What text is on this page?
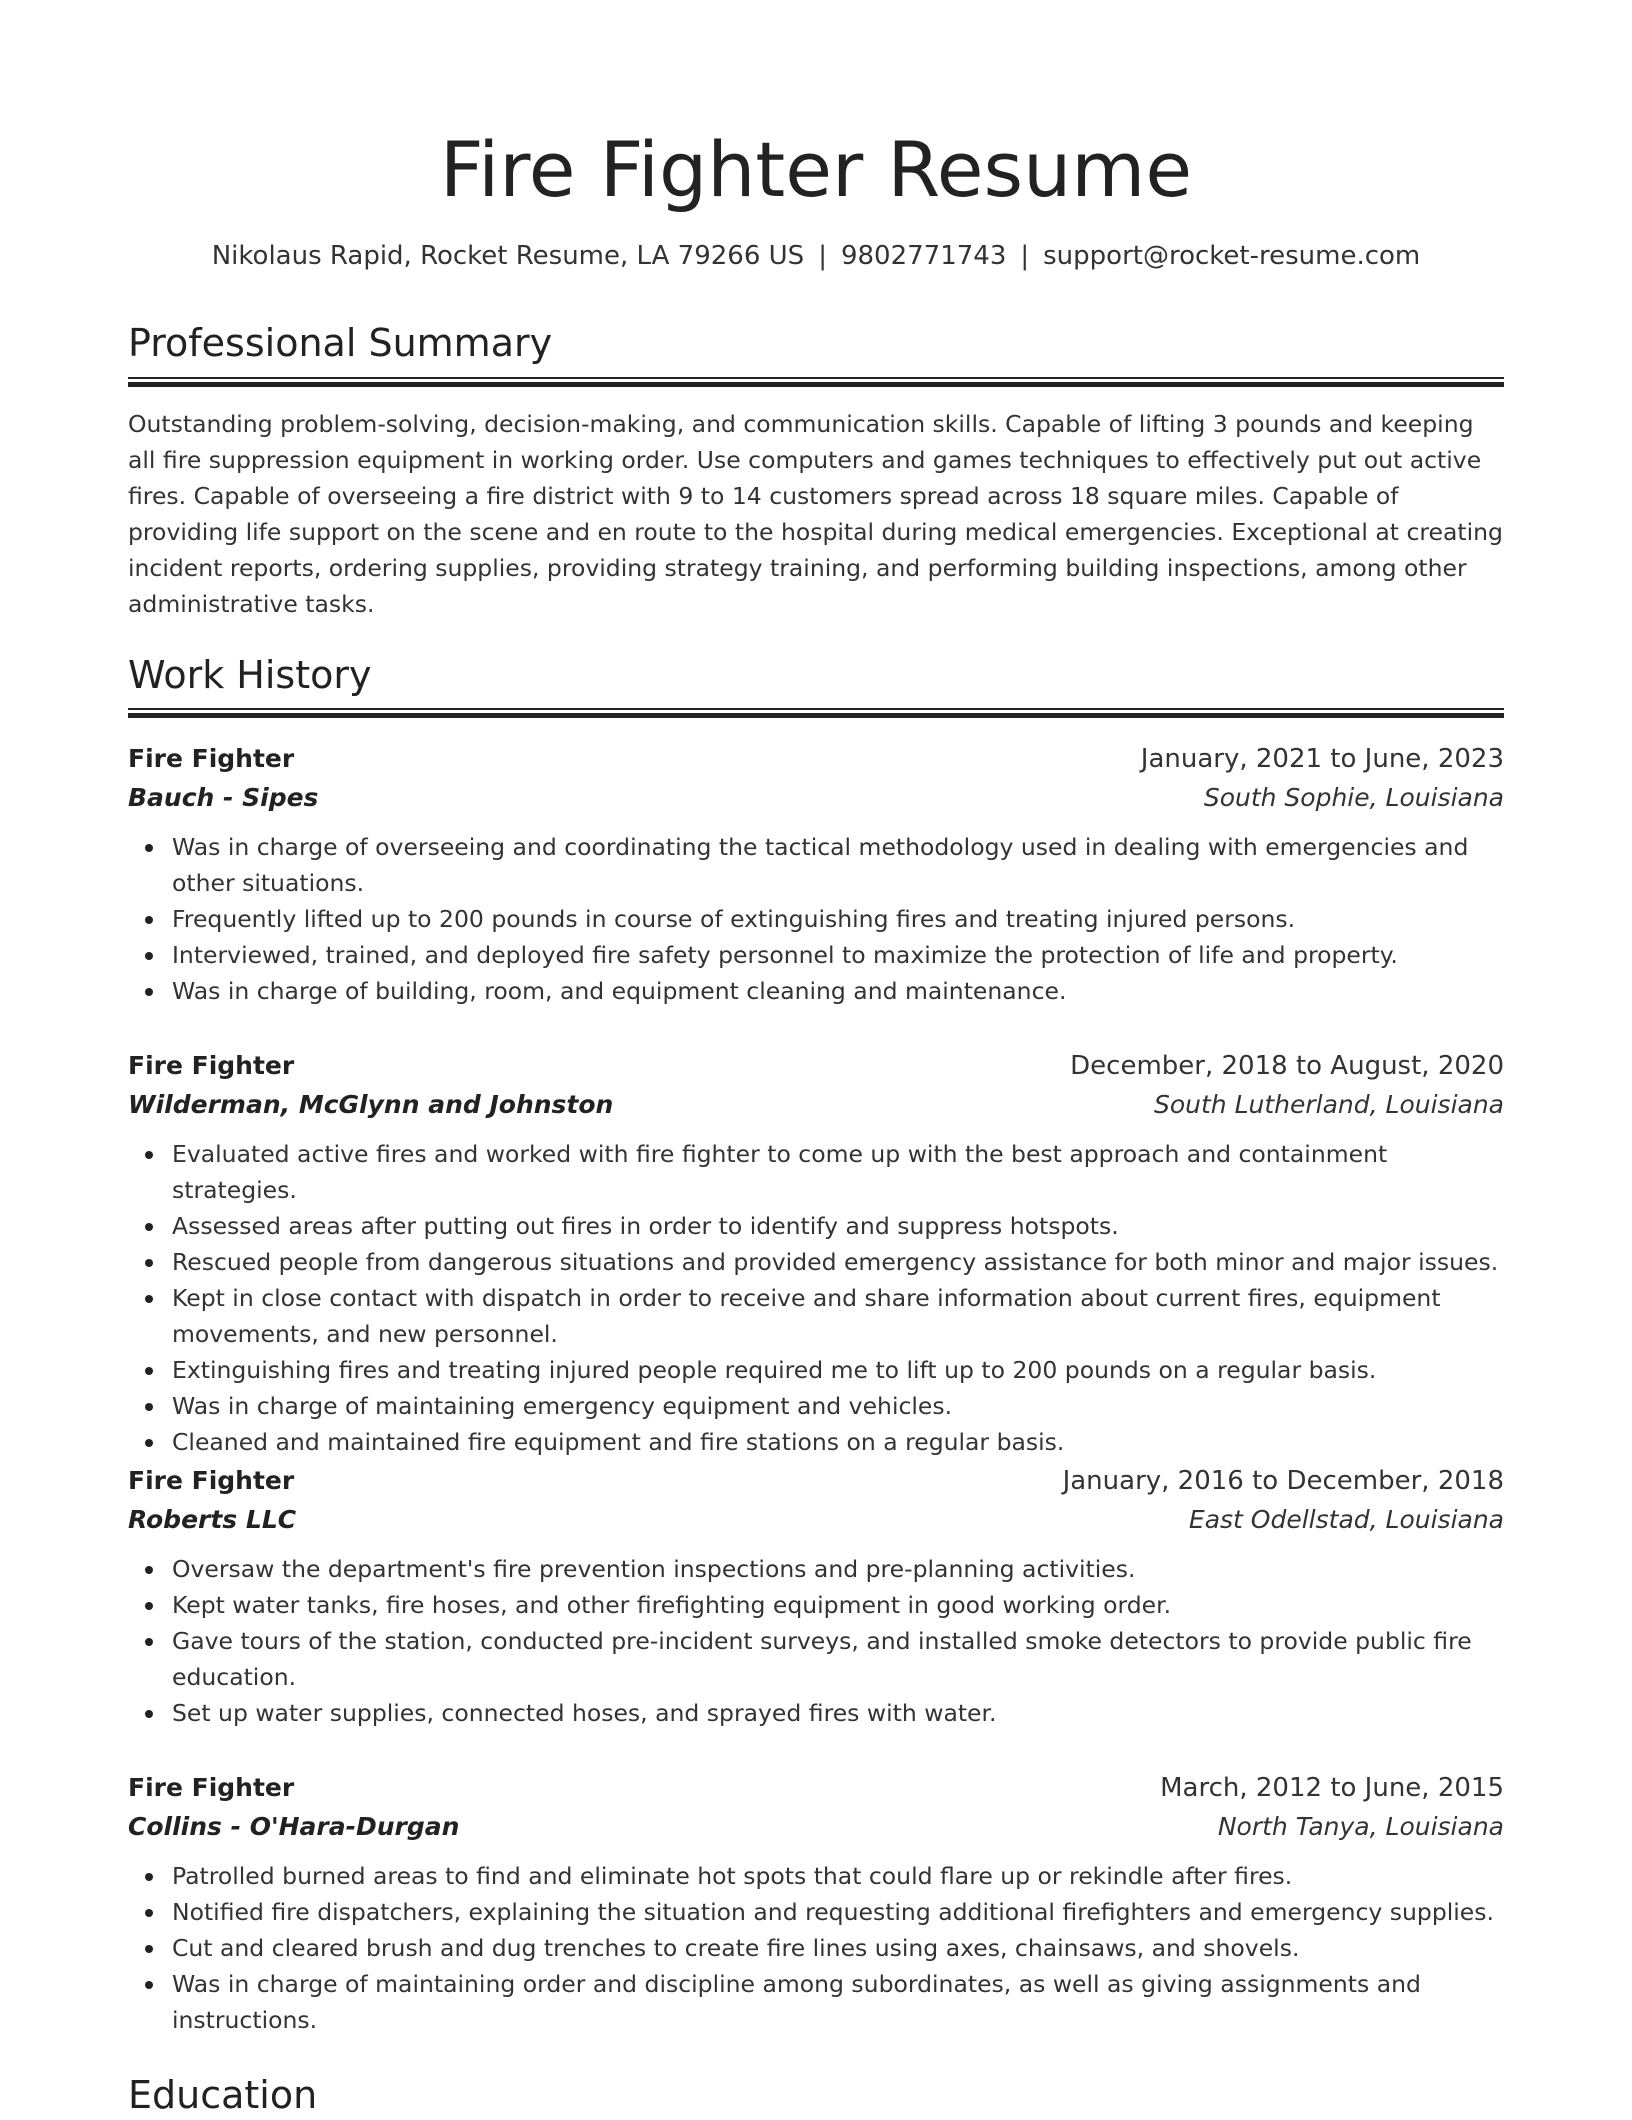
Fire Fighter Resume
Nikolaus Rapid, Rocket Resume, LA 79266 US | 9802771743 | support@rocket-resume.com
Professional Summary

Outstanding problem-solving, decision-making, and communication skills. Capable of lifting 3 pounds and keeping all fire suppression equipment in working order. Use computers and games techniques to effectively put out active fires. Capable of overseeing a fire district with 9 to 14 customers spread across 18 square miles. Capable of providing life support on the scene and en route to the hospital during medical emergencies. Exceptional at creating incident reports, ordering supplies, providing strategy training, and performing building inspections, among other administrative tasks.

Work History
Fire Fighter	January, 2021 to June, 2023
Bauch - Sipes	South Sophie, Louisiana
Was in charge of overseeing and coordinating the tactical methodology used in dealing with emergencies and other situations.
Frequently lifted up to 200 pounds in course of extinguishing fires and treating injured persons.
Interviewed, trained, and deployed fire safety personnel to maximize the protection of life and property.
Was in charge of building, room, and equipment cleaning and maintenance.
Fire Fighter	December, 2018 to August, 2020
Wilderman, McGlynn and Johnston	South Lutherland, Louisiana
Evaluated active fires and worked with fire fighter to come up with the best approach and containment strategies.
Assessed areas after putting out fires in order to identify and suppress hotspots.
Rescued people from dangerous situations and provided emergency assistance for both minor and major issues.
Kept in close contact with dispatch in order to receive and share information about current fires, equipment movements, and new personnel.
Extinguishing fires and treating injured people required me to lift up to 200 pounds on a regular basis.
Was in charge of maintaining emergency equipment and vehicles.
Cleaned and maintained fire equipment and fire stations on a regular basis.
Fire Fighter	January, 2016 to December, 2018
Roberts LLC	East Odellstad, Louisiana
Oversaw the department's fire prevention inspections and pre-planning activities.
Kept water tanks, fire hoses, and other firefighting equipment in good working order.
Gave tours of the station, conducted pre-incident surveys, and installed smoke detectors to provide public fire education.
Set up water supplies, connected hoses, and sprayed fires with water.
Fire Fighter	March, 2012 to June, 2015
Collins - O'Hara-Durgan	North Tanya, Louisiana
Patrolled burned areas to find and eliminate hot spots that could flare up or rekindle after fires.
Notified fire dispatchers, explaining the situation and requesting additional firefighters and emergency supplies.
Cut and cleared brush and dug trenches to create fire lines using axes, chainsaws, and shovels.
Was in charge of maintaining order and discipline among subordinates, as well as giving assignments and instructions.
Education
